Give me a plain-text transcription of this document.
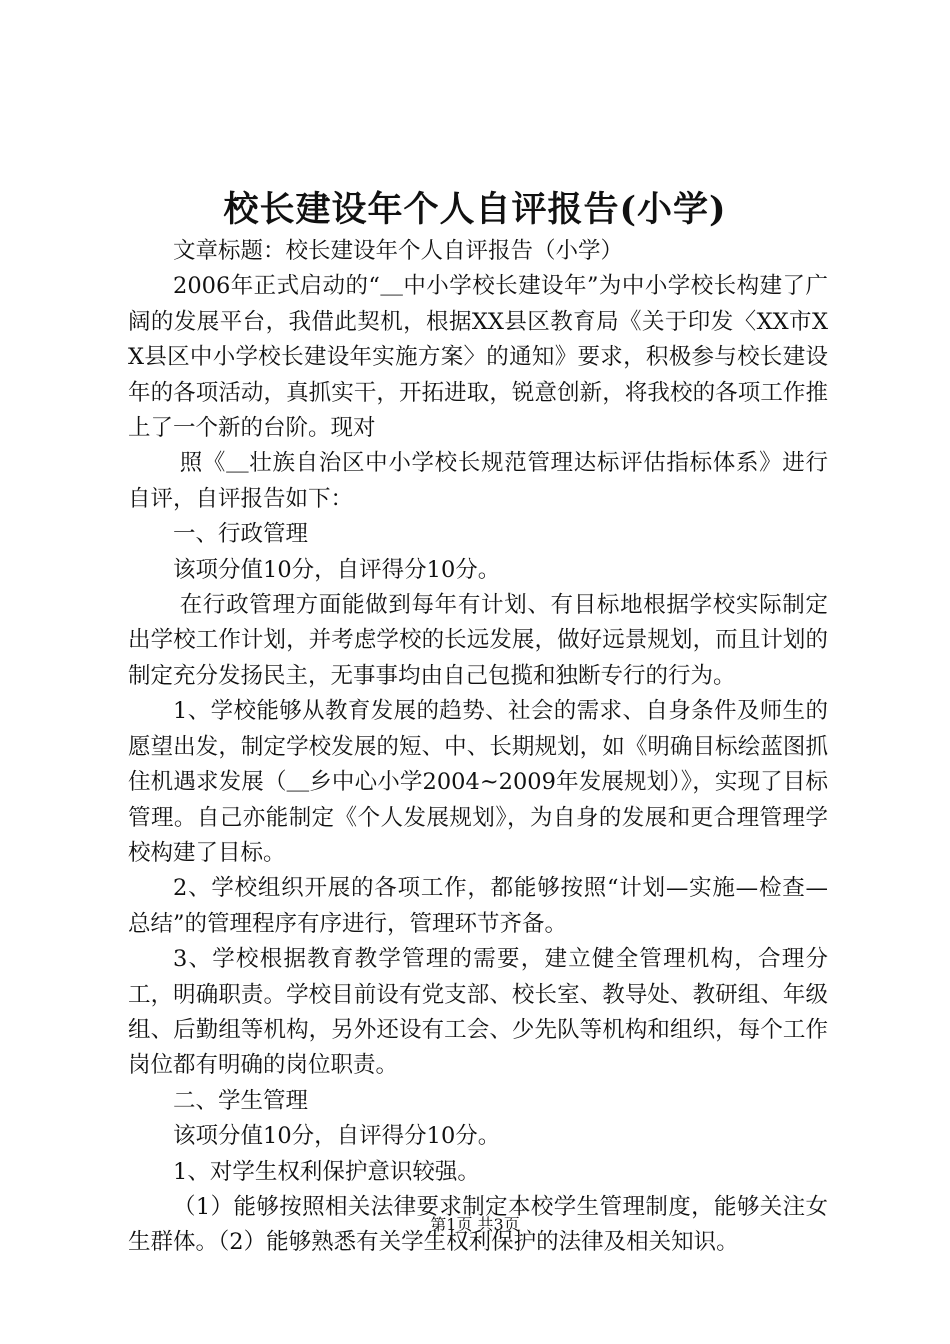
校长建设年个人自评报告(小学)

文章标题：校长建设年个人自评报告（小学）

2006年正式启动的“＿中小学校长建设年”为中小学校长构建了广阔的发展平台，我借此契机，根据XX县区教育局《关于印发〈XX市XX县区中小学校长建设年实施方案〉的通知》要求，积极参与校长建设年的各项活动，真抓实干，开拓进取，锐意创新，将我校的各项工作推上了一个新的台阶。现对

照《＿壮族自治区中小学校长规范管理达标评估指标体系》进行自评，自评报告如下：

一、行政管理

该项分值10分，自评得分10分。

在行政管理方面能做到每年有计划、有目标地根据学校实际制定出学校工作计划，并考虑学校的长远发展，做好远景规划，而且计划的制定充分发扬民主，无事事均由自己包揽和独断专行的行为。

1、学校能够从教育发展的趋势、社会的需求、自身条件及师生的愿望出发，制定学校发展的短、中、长期规划，如《明确目标绘蓝图抓住机遇求发展（＿乡中心小学2004~2009年发展规划）》，实现了目标管理。自己亦能制定《个人发展规划》，为自身的发展和更合理管理学校构建了目标。

2、学校组织开展的各项工作，都能够按照“计划—实施—检查—总结”的管理程序有序进行，管理环节齐备。

3、学校根据教育教学管理的需要，建立健全管理机构，合理分工，明确职责。学校目前设有党支部、校长室、教导处、教研组、年级组、后勤组等机构，另外还设有工会、少先队等机构和组织，每个工作岗位都有明确的岗位职责。

二、学生管理

该项分值10分，自评得分10分。

1、对学生权利保护意识较强。

（1）能够按照相关法律要求制定本校学生管理制度，能够关注女生群体。（2）能够熟悉有关学生权利保护的法律及相关知识。

第1页 共3页
